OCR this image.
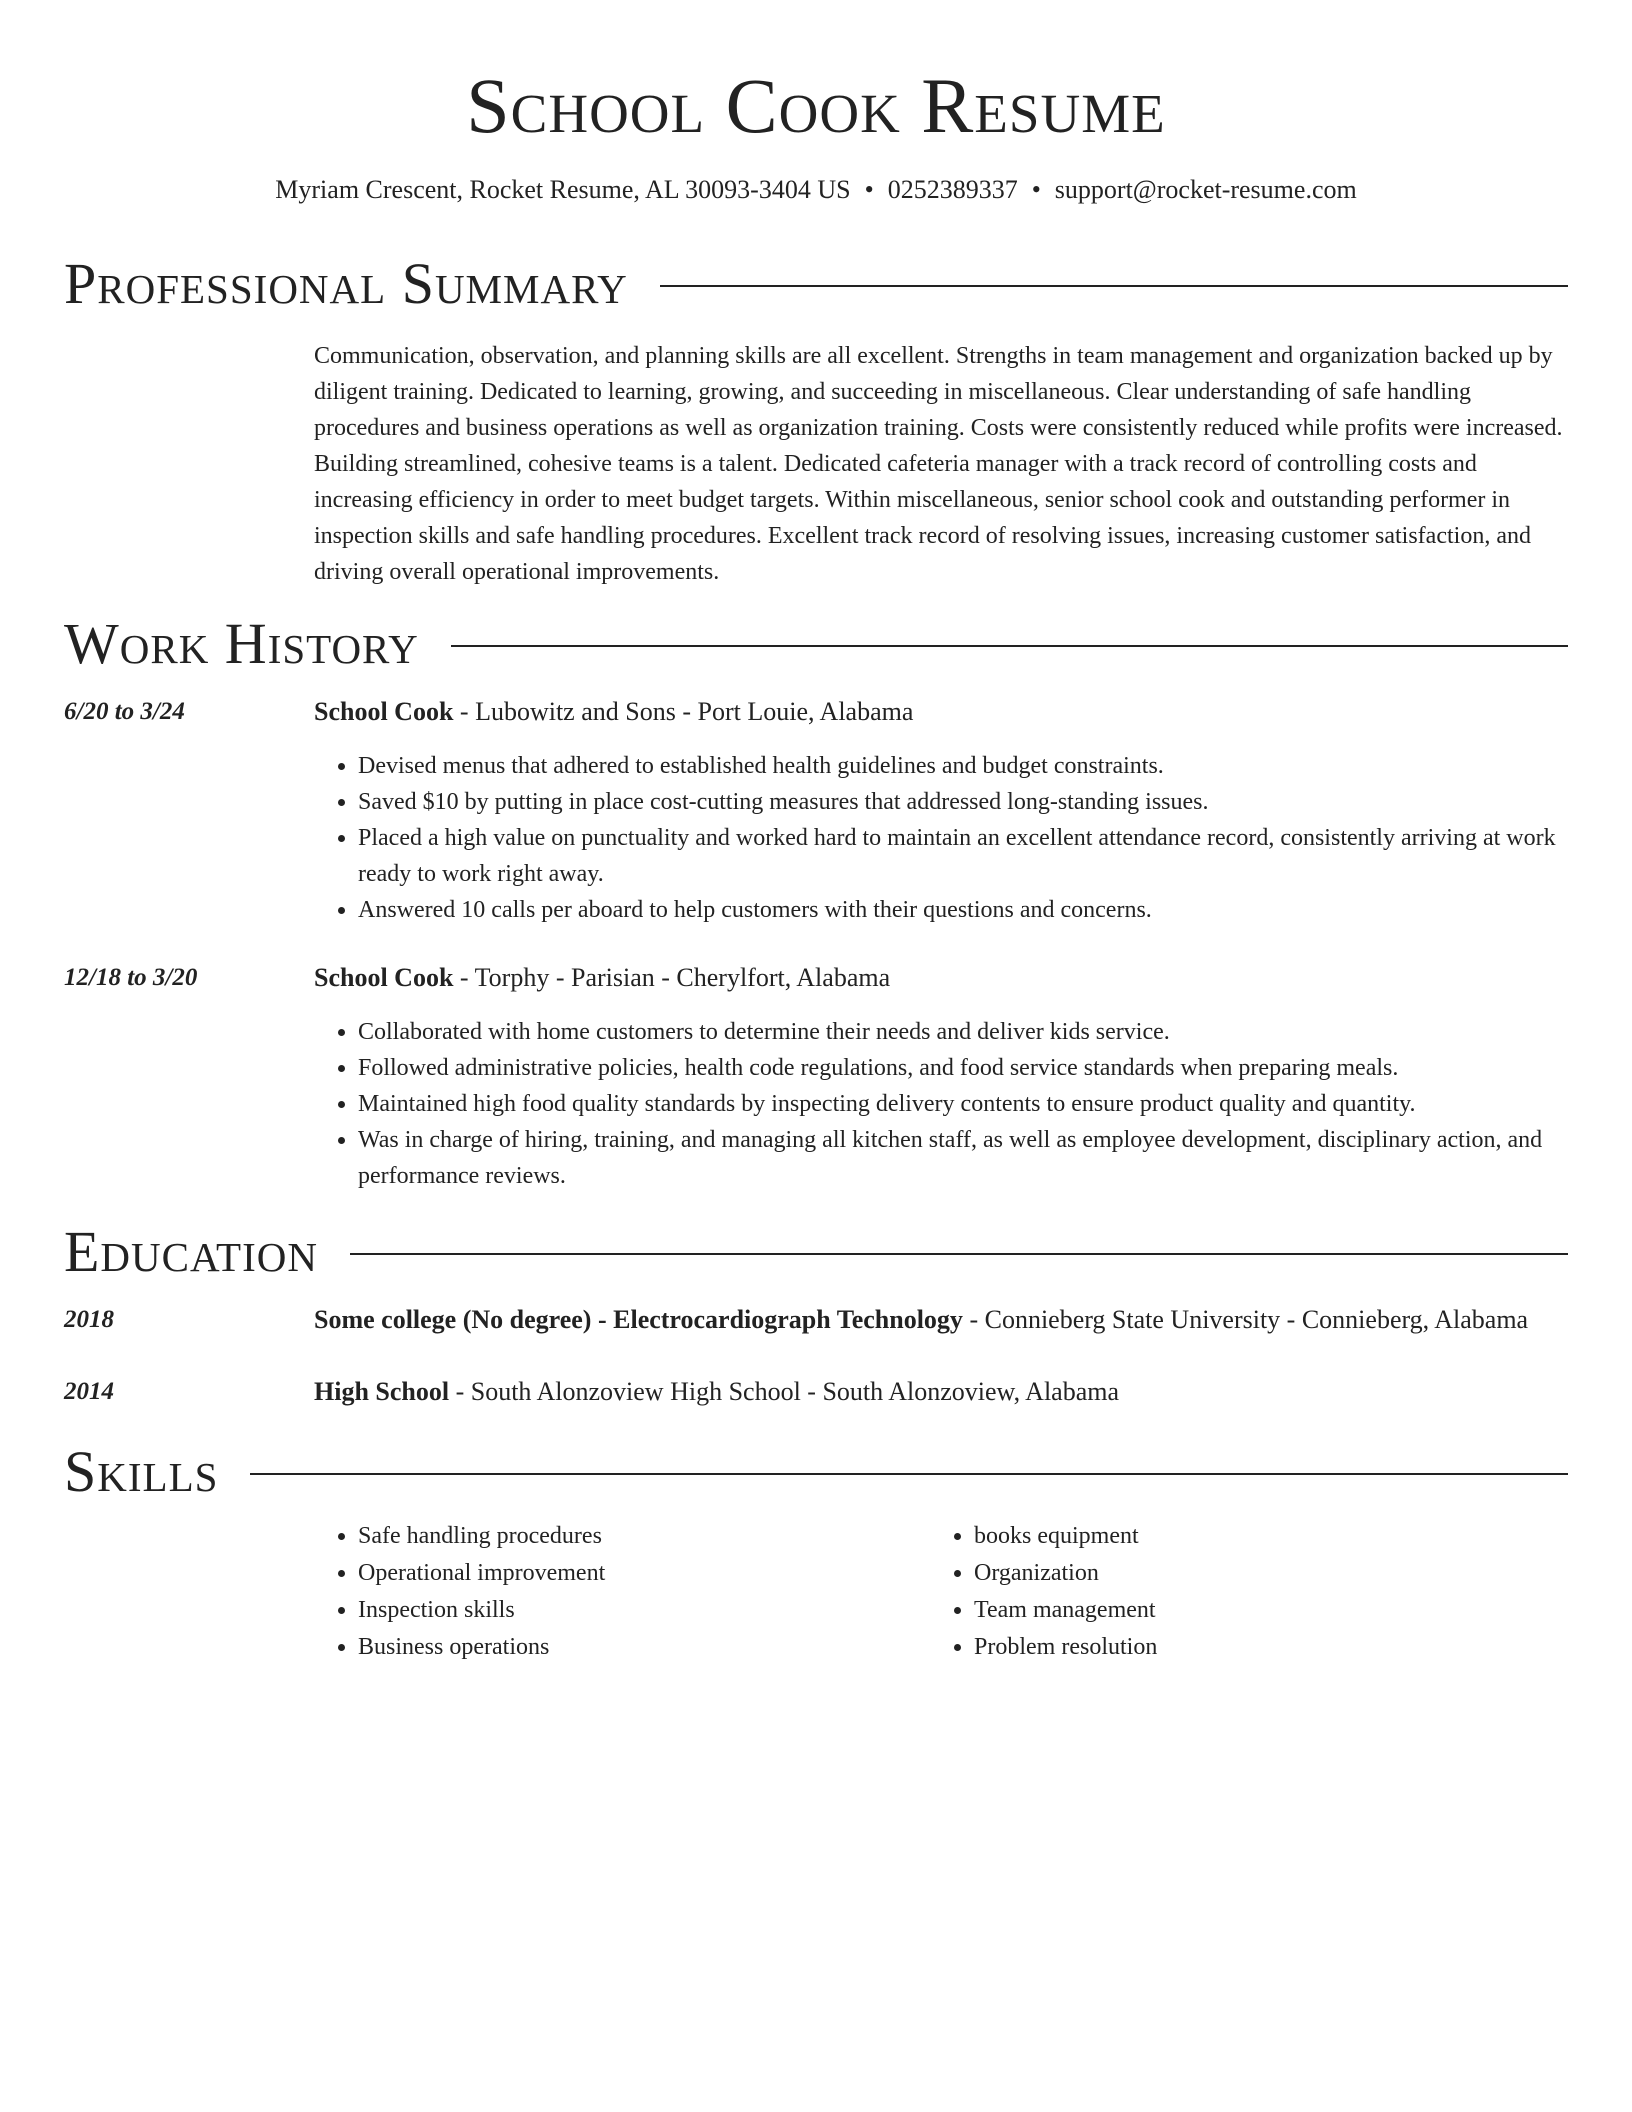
School Cook Resume
Myriam Crescent, Rocket Resume, AL 30093-3404 US • 0252389337 • support@rocket-resume.com
Professional Summary

Communication, observation, and planning skills are all excellent. Strengths in team management and organization backed up by diligent training. Dedicated to learning, growing, and succeeding in miscellaneous. Clear understanding of safe handling procedures and business operations as well as organization training. Costs were consistently reduced while profits were increased. Building streamlined, cohesive teams is a talent. Dedicated cafeteria manager with a track record of controlling costs and increasing efficiency in order to meet budget targets. Within miscellaneous, senior school cook and outstanding performer in inspection skills and safe handling procedures. Excellent track record of resolving issues, increasing customer satisfaction, and driving overall operational improvements.

Work History
6/20 to 3/24	School Cook - Lubowitz and Sons - Port Louie, Alabama
• Devised menus that adhered to established health guidelines and budget constraints.
• Saved $10 by putting in place cost-cutting measures that addressed long-standing issues.
• Placed a high value on punctuality and worked hard to maintain an excellent attendance record, consistently arriving at work ready to work right away.
• Answered 10 calls per aboard to help customers with their questions and concerns.
12/18 to 3/20	School Cook - Torphy - Parisian - Cherylfort, Alabama
• Collaborated with home customers to determine their needs and deliver kids service.
• Followed administrative policies, health code regulations, and food service standards when preparing meals.
• Maintained high food quality standards by inspecting delivery contents to ensure product quality and quantity.
• Was in charge of hiring, training, and managing all kitchen staff, as well as employee development, disciplinary action, and performance reviews.
Education
2018	Some college (No degree) - Electrocardiograph Technology - Connieberg State University - Connieberg, Alabama
2014	High School - South Alonzoview High School - South Alonzoview, Alabama
Skills
• Safe handling procedures
• Operational improvement
• Inspection skills
• Business operations
• books equipment
• Organization
• Team management
• Problem resolution
